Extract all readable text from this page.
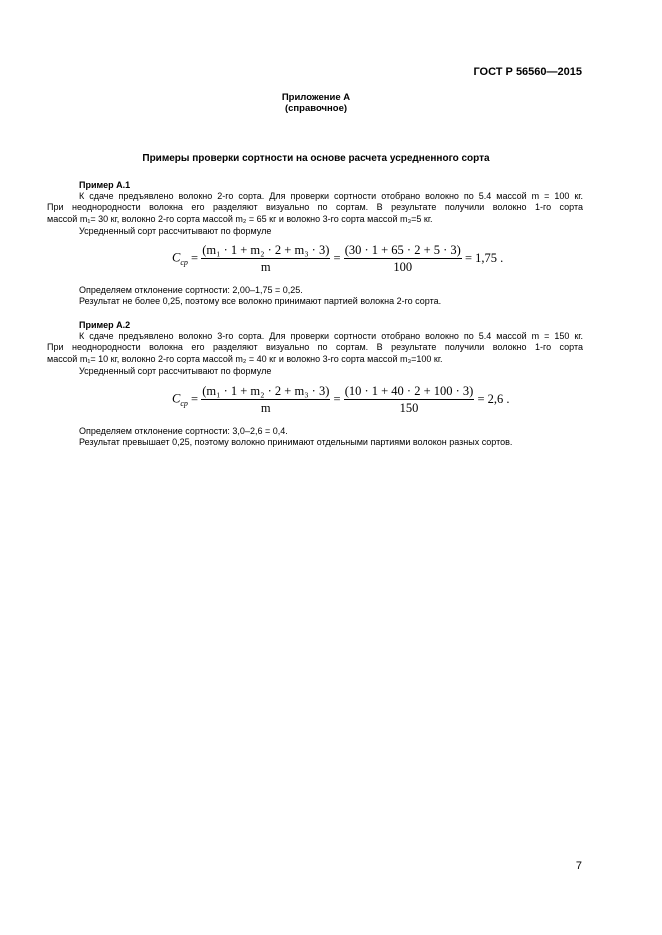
ГОСТ Р 56560—2015
Приложение А
(справочное)
Примеры проверки сортности на основе расчета усредненного сорта
Пример А.1
К сдаче предъявлено волокно 2-го сорта. Для проверки сортности отобрано волокно по 5.4 массой m = 100 кг.
При неоднородности волокна его разделяют визуально по сортам. В результате получили волокно 1-го сорта
массой m₁= 30 кг, волокно 2-го сорта массой m₂ = 65 кг и волокно 3-го сорта массой m₃=5 кг.
Усредненный сорт рассчитывают по формуле
$C_{ср} = \frac{\text{(m₁ · 1 + m₂ · 2 + m₃ · 3)}}{m} = \frac{(30 \cdot 1 + 65 \cdot 2 + 5 \cdot 3)}{100} = 1,75$ .
Определяем отклонение сортности: 2,00–1,75 = 0,25.
Результат не более 0,25, поэтому все волокно принимают партией волокна 2-го сорта.
Пример А.2
К сдаче предъявлено волокно 3-го сорта. Для проверки сортности отобрано волокно по 5.4 массой m = 150 кг.
При неоднородности волокна его разделяют визуально по сортам. В результате получили волокно 1-го сорта
массой m₁= 10 кг, волокно 2-го сорта массой m₂ = 40 кг и волокно 3-го сорта массой m₃=100 кг.
Усредненный сорт рассчитывают по формуле
$C_{ср} = \frac{\text{(m₁ · 1 + m₂ · 2 + m₃ · 3)}}{m} = \frac{(10 \cdot 1 + 40 \cdot 2 + 100 \cdot 3)}{150} = 2,6$ .
Определяем отклонение сортности: 3,0–2,6 = 0,4.
Результат превышает 0,25, поэтому волокно принимают отдельными партиями волокон разных сортов.
7
